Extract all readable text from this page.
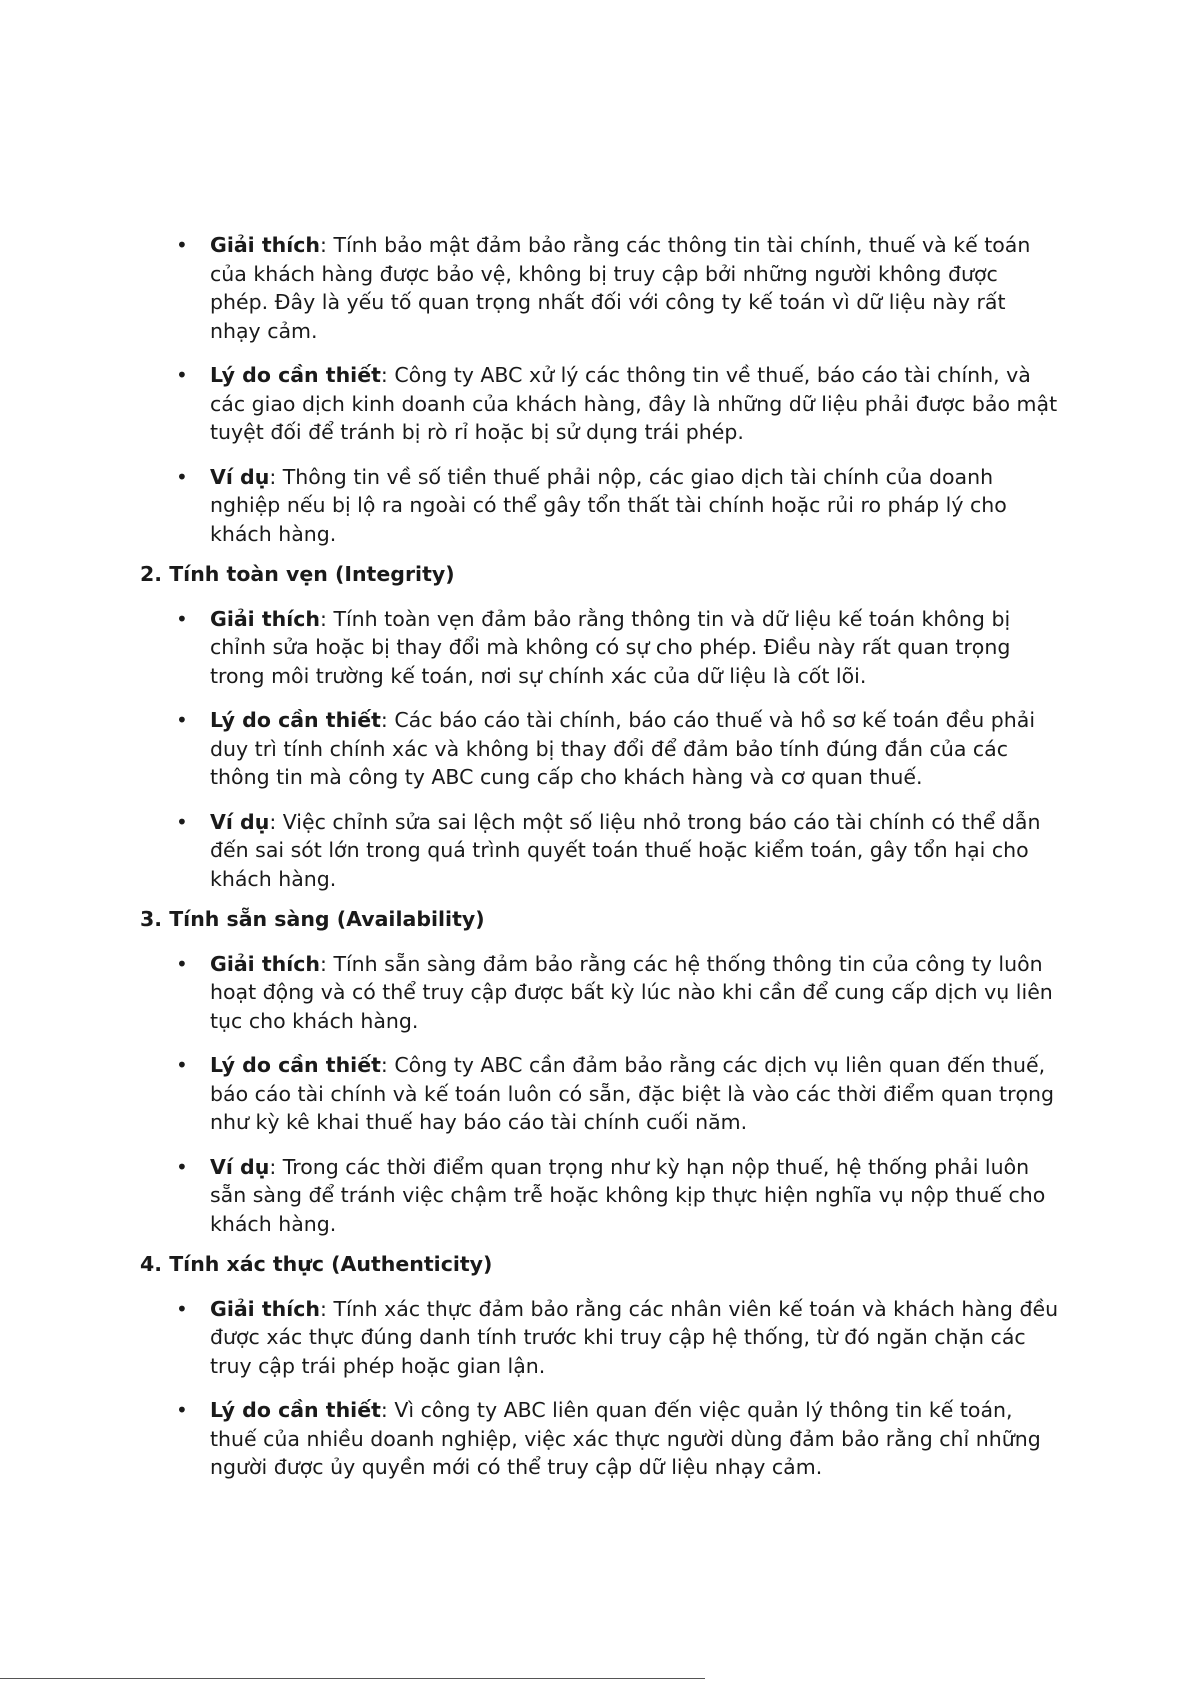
• Giải thích: Tính bảo mật đảm bảo rằng các thông tin tài chính, thuế và kế toán của khách hàng được bảo vệ, không bị truy cập bởi những người không được phép. Đây là yếu tố quan trọng nhất đối với công ty kế toán vì dữ liệu này rất nhạy cảm.
• Lý do cần thiết: Công ty ABC xử lý các thông tin về thuế, báo cáo tài chính, và các giao dịch kinh doanh của khách hàng, đây là những dữ liệu phải được bảo mật tuyệt đối để tránh bị rò rỉ hoặc bị sử dụng trái phép.
• Ví dụ: Thông tin về số tiền thuế phải nộp, các giao dịch tài chính của doanh nghiệp nếu bị lộ ra ngoài có thể gây tổn thất tài chính hoặc rủi ro pháp lý cho khách hàng.
2. Tính toàn vẹn (Integrity)
• Giải thích: Tính toàn vẹn đảm bảo rằng thông tin và dữ liệu kế toán không bị chỉnh sửa hoặc bị thay đổi mà không có sự cho phép. Điều này rất quan trọng trong môi trường kế toán, nơi sự chính xác của dữ liệu là cốt lõi.
• Lý do cần thiết: Các báo cáo tài chính, báo cáo thuế và hồ sơ kế toán đều phải duy trì tính chính xác và không bị thay đổi để đảm bảo tính đúng đắn của các thông tin mà công ty ABC cung cấp cho khách hàng và cơ quan thuế.
• Ví dụ: Việc chỉnh sửa sai lệch một số liệu nhỏ trong báo cáo tài chính có thể dẫn đến sai sót lớn trong quá trình quyết toán thuế hoặc kiểm toán, gây tổn hại cho khách hàng.
3. Tính sẵn sàng (Availability)
• Giải thích: Tính sẵn sàng đảm bảo rằng các hệ thống thông tin của công ty luôn hoạt động và có thể truy cập được bất kỳ lúc nào khi cần để cung cấp dịch vụ liên tục cho khách hàng.
• Lý do cần thiết: Công ty ABC cần đảm bảo rằng các dịch vụ liên quan đến thuế, báo cáo tài chính và kế toán luôn có sẵn, đặc biệt là vào các thời điểm quan trọng như kỳ kê khai thuế hay báo cáo tài chính cuối năm.
• Ví dụ: Trong các thời điểm quan trọng như kỳ hạn nộp thuế, hệ thống phải luôn sẵn sàng để tránh việc chậm trễ hoặc không kịp thực hiện nghĩa vụ nộp thuế cho khách hàng.
4. Tính xác thực (Authenticity)
• Giải thích: Tính xác thực đảm bảo rằng các nhân viên kế toán và khách hàng đều được xác thực đúng danh tính trước khi truy cập hệ thống, từ đó ngăn chặn các truy cập trái phép hoặc gian lận.
• Lý do cần thiết: Vì công ty ABC liên quan đến việc quản lý thông tin kế toán, thuế của nhiều doanh nghiệp, việc xác thực người dùng đảm bảo rằng chỉ những người được ủy quyền mới có thể truy cập dữ liệu nhạy cảm.
